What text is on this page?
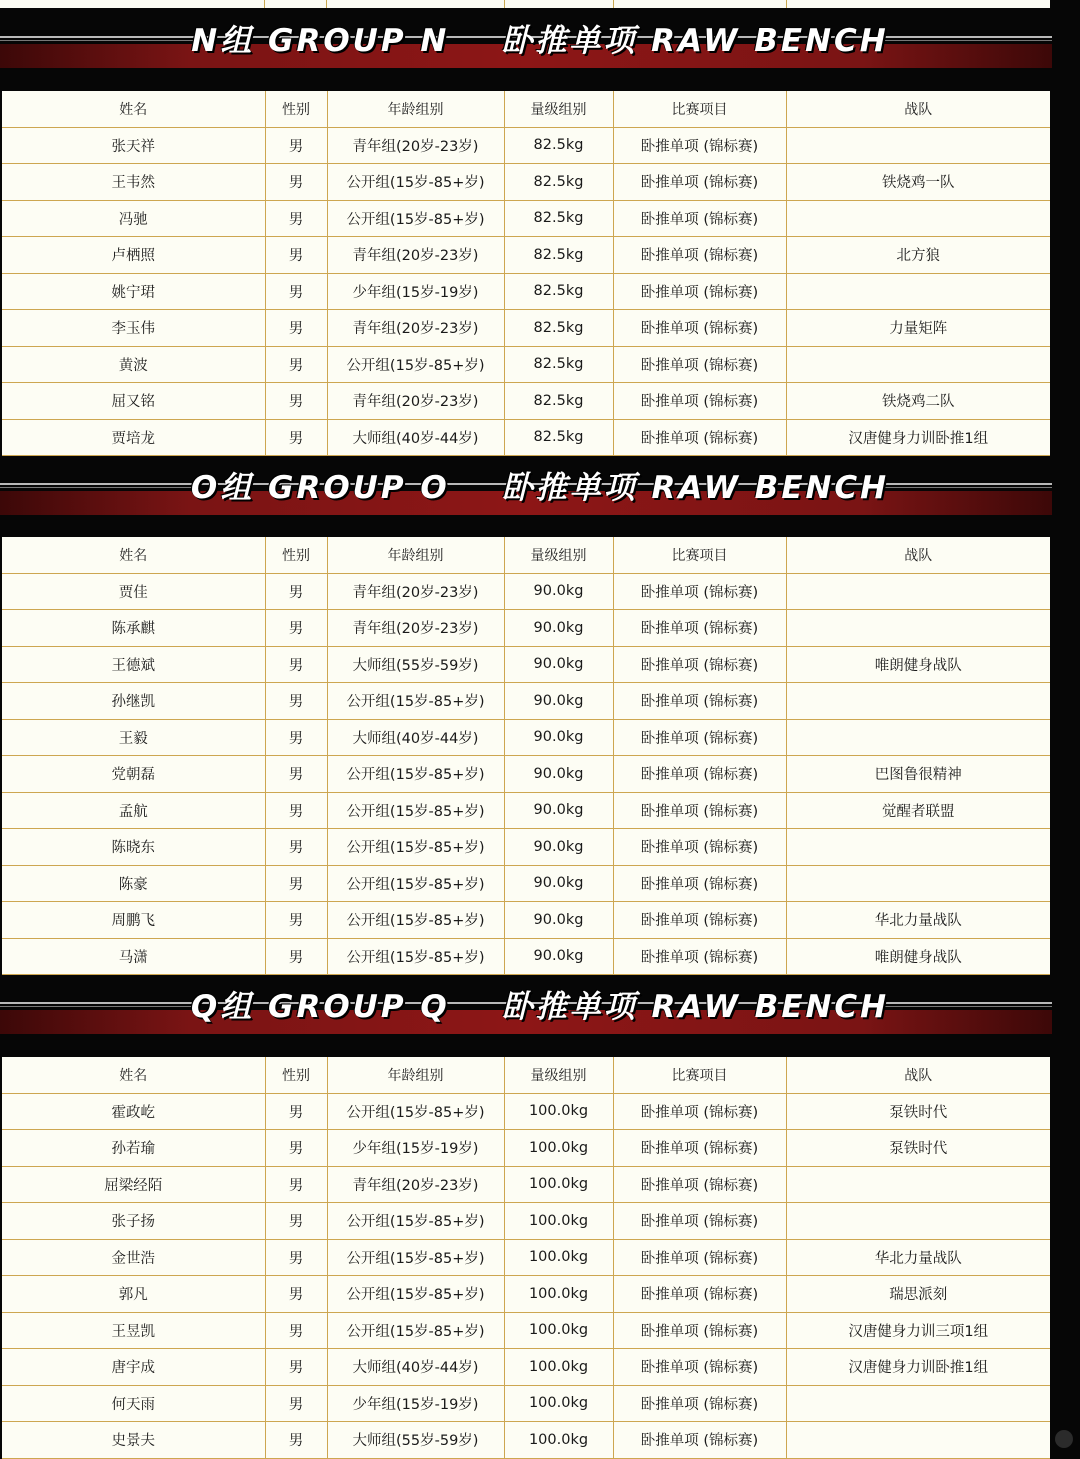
N组 GROUP N 卧推单项 RAW BENCH
姓名	性别	年龄组别	量级组别	比赛项目	战队
张天祥	男	青年组(20岁-23岁)	82.5kg	卧推单项 (锦标赛)	
王韦然	男	公开组(15岁-85+岁)	82.5kg	卧推单项 (锦标赛)	铁烧鸡一队
冯驰	男	公开组(15岁-85+岁)	82.5kg	卧推单项 (锦标赛)	
卢栖照	男	青年组(20岁-23岁)	82.5kg	卧推单项 (锦标赛)	北方狼
姚宁珺	男	少年组(15岁-19岁)	82.5kg	卧推单项 (锦标赛)	
李玉伟	男	青年组(20岁-23岁)	82.5kg	卧推单项 (锦标赛)	力量矩阵
黄波	男	公开组(15岁-85+岁)	82.5kg	卧推单项 (锦标赛)	
屈又铭	男	青年组(20岁-23岁)	82.5kg	卧推单项 (锦标赛)	铁烧鸡二队
贾培龙	男	大师组(40岁-44岁)	82.5kg	卧推单项 (锦标赛)	汉唐健身力训卧推1组
O组 GROUP O 卧推单项 RAW BENCH
姓名	性别	年龄组别	量级组别	比赛项目	战队
贾佳	男	青年组(20岁-23岁)	90.0kg	卧推单项 (锦标赛)	
陈承麒	男	青年组(20岁-23岁)	90.0kg	卧推单项 (锦标赛)	
王德斌	男	大师组(55岁-59岁)	90.0kg	卧推单项 (锦标赛)	唯朗健身战队
孙继凯	男	公开组(15岁-85+岁)	90.0kg	卧推单项 (锦标赛)	
王毅	男	大师组(40岁-44岁)	90.0kg	卧推单项 (锦标赛)	
党朝磊	男	公开组(15岁-85+岁)	90.0kg	卧推单项 (锦标赛)	巴图鲁很精神
孟航	男	公开组(15岁-85+岁)	90.0kg	卧推单项 (锦标赛)	觉醒者联盟
陈晓东	男	公开组(15岁-85+岁)	90.0kg	卧推单项 (锦标赛)	
陈豪	男	公开组(15岁-85+岁)	90.0kg	卧推单项 (锦标赛)	
周鹏飞	男	公开组(15岁-85+岁)	90.0kg	卧推单项 (锦标赛)	华北力量战队
马潇	男	公开组(15岁-85+岁)	90.0kg	卧推单项 (锦标赛)	唯朗健身战队
Q组 GROUP Q 卧推单项 RAW BENCH
姓名	性别	年龄组别	量级组别	比赛项目	战队
霍政屹	男	公开组(15岁-85+岁)	100.0kg	卧推单项 (锦标赛)	泵铁时代
孙若瑜	男	少年组(15岁-19岁)	100.0kg	卧推单项 (锦标赛)	泵铁时代
屈梁经陌	男	青年组(20岁-23岁)	100.0kg	卧推单项 (锦标赛)	
张子扬	男	公开组(15岁-85+岁)	100.0kg	卧推单项 (锦标赛)	
金世浩	男	公开组(15岁-85+岁)	100.0kg	卧推单项 (锦标赛)	华北力量战队
郭凡	男	公开组(15岁-85+岁)	100.0kg	卧推单项 (锦标赛)	瑞思派刻
王昱凯	男	公开组(15岁-85+岁)	100.0kg	卧推单项 (锦标赛)	汉唐健身力训三项1组
唐宇成	男	大师组(40岁-44岁)	100.0kg	卧推单项 (锦标赛)	汉唐健身力训卧推1组
何天雨	男	少年组(15岁-19岁)	100.0kg	卧推单项 (锦标赛)	
史景夫	男	大师组(55岁-59岁)	100.0kg	卧推单项 (锦标赛)	
